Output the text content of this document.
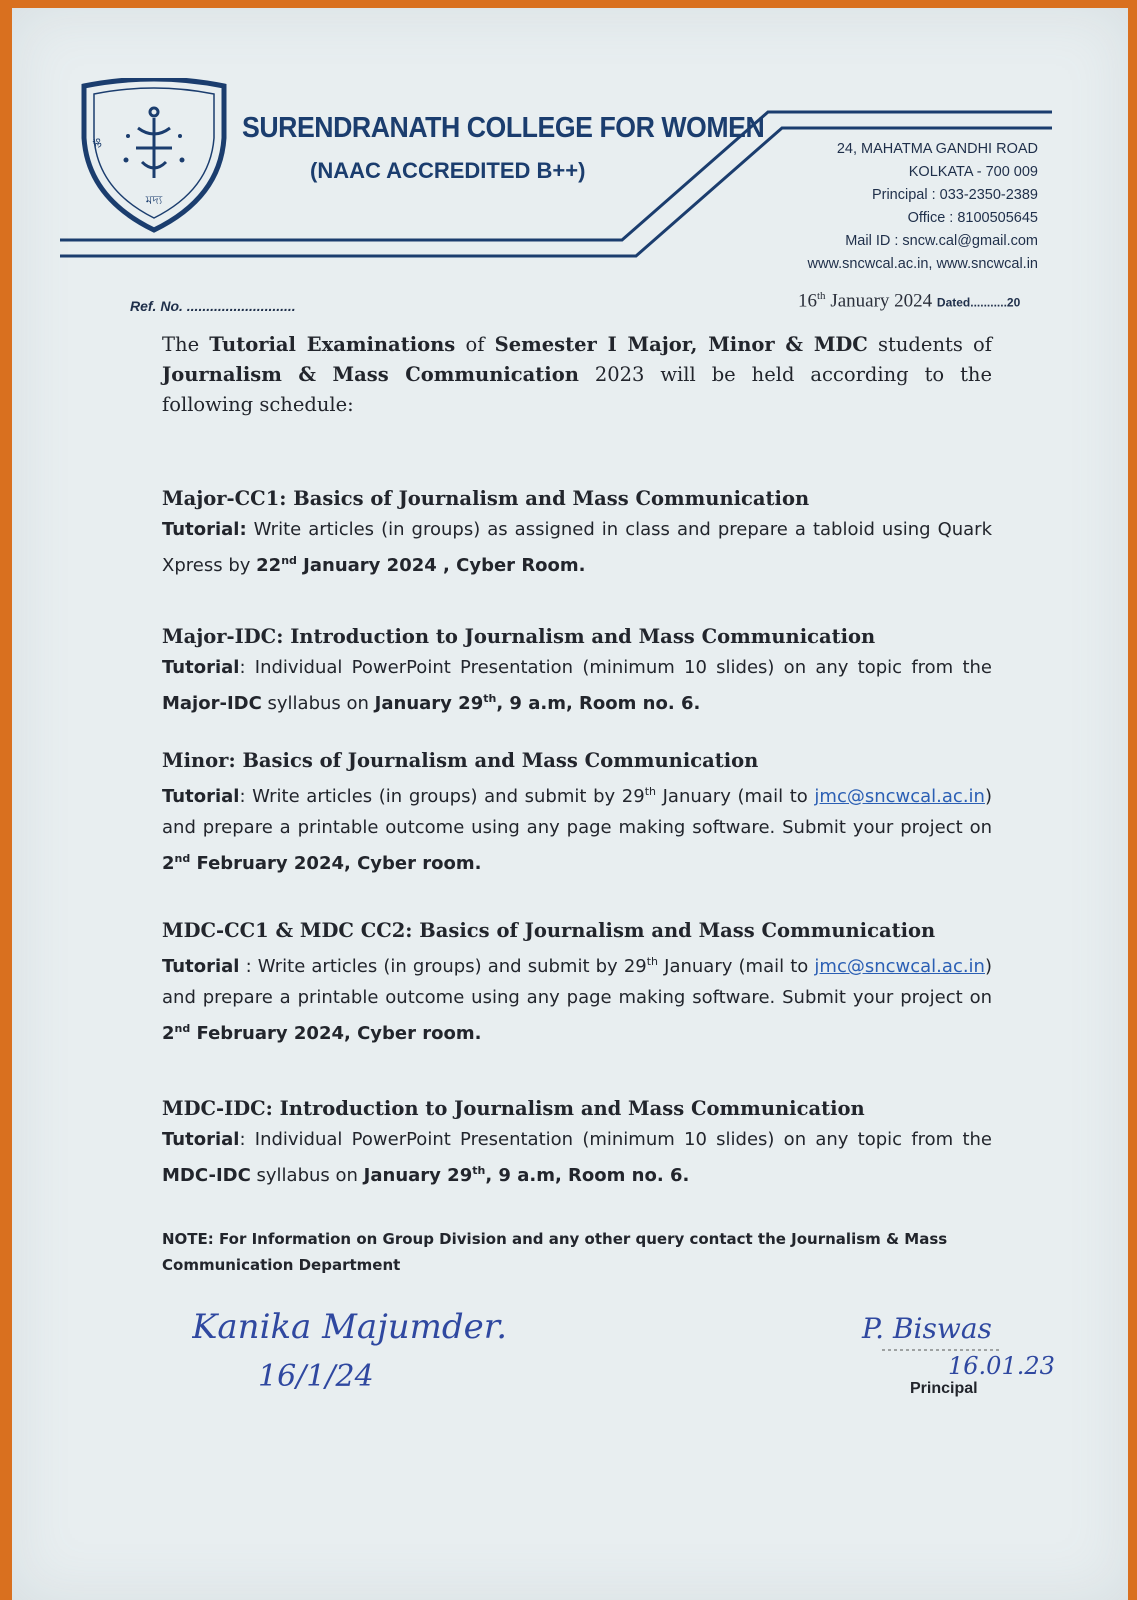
ॐ
মদ্য
SURENDRANATH COLLEGE FOR WOMEN
(NAAC ACCREDITED B++)
24, MAHATMA GANDHI ROAD
KOLKATA - 700 009
Principal : 033-2350-2389
Office : 8100505645
Mail ID : sncw.cal@gmail.com
www.sncwcal.ac.in, www.sncwcal.in
Ref. No. ............................	16th January 2024 Dated...........20
The Tutorial Examinations of Semester I Major, Minor & MDC students of Journalism & Mass Communication 2023 will be held according to the following schedule:
Major-CC1: Basics of Journalism and Mass Communication
Tutorial: Write articles (in groups) as assigned in class and prepare a tabloid using Quark Xpress by 22nd January 2024 , Cyber Room.
Major-IDC: Introduction to Journalism and Mass Communication
Tutorial: Individual PowerPoint Presentation (minimum 10 slides) on any topic from the Major-IDC syllabus on January 29th, 9 a.m, Room no. 6.
Minor: Basics of Journalism and Mass Communication
Tutorial: Write articles (in groups) and submit by 29th January (mail to jmc@sncwcal.ac.in) and prepare a printable outcome using any page making software. Submit your project on 2nd February 2024, Cyber room.
MDC-CC1 & MDC CC2: Basics of Journalism and Mass Communication
Tutorial : Write articles (in groups) and submit by 29th January (mail to jmc@sncwcal.ac.in) and prepare a printable outcome using any page making software. Submit your project on 2nd February 2024, Cyber room.
MDC-IDC: Introduction to Journalism and Mass Communication
Tutorial: Individual PowerPoint Presentation (minimum 10 slides) on any topic from the MDC-IDC syllabus on January 29th, 9 a.m, Room no. 6.
NOTE: For Information on Group Division and any other query contact the Journalism & Mass Communication Department
Kanika Majumder.
16/1/24
P. Biswas
16.01.23
Principal
